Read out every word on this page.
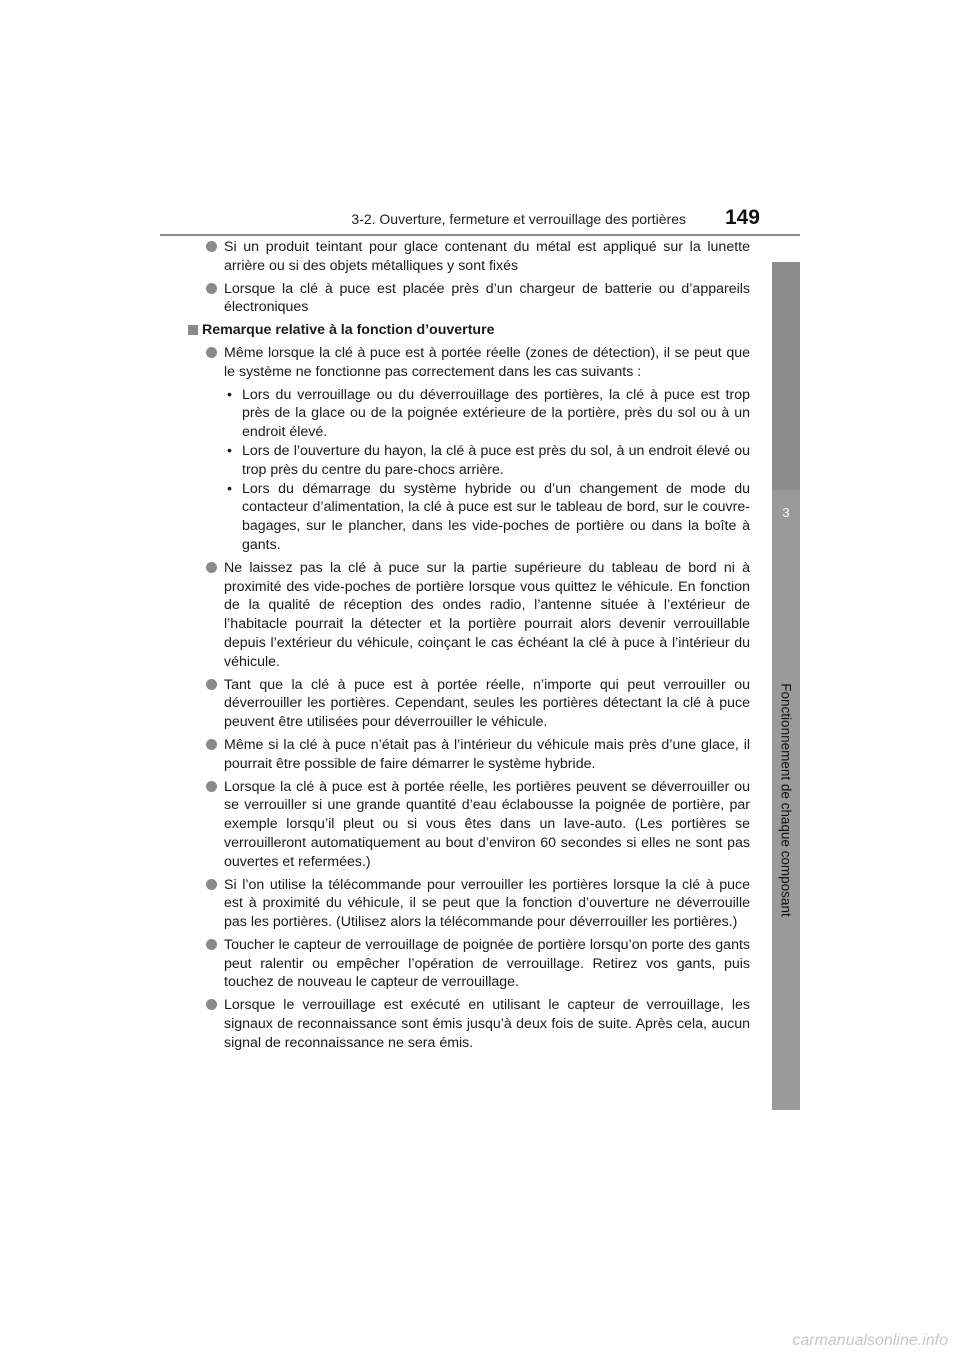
3-2. Ouverture, fermeture et verrouillage des portières 149
Fonctionnement de chaque composant
3
Si un produit teintant pour glace contenant du métal est appliqué sur la lunette arrière ou si des objets métalliques y sont fixés
Lorsque la clé à puce est placée près d’un chargeur de batterie ou d’appareils électroniques
Remarque relative à la fonction d’ouverture
Même lorsque la clé à puce est à portée réelle (zones de détection), il se peut que le système ne fonctionne pas correctement dans les cas suivants :
• Lors du verrouillage ou du déverrouillage des portières, la clé à puce est trop près de la glace ou de la poignée extérieure de la portière, près du sol ou à un endroit élevé.
• Lors de l’ouverture du hayon, la clé à puce est près du sol, à un endroit élevé ou trop près du centre du pare-chocs arrière.
• Lors du démarrage du système hybride ou d’un changement de mode du contacteur d’alimentation, la clé à puce est sur le tableau de bord, sur le couvre-bagages, sur le plancher, dans les vide-poches de portière ou dans la boîte à gants.
Ne laissez pas la clé à puce sur la partie supérieure du tableau de bord ni à proximité des vide-poches de portière lorsque vous quittez le véhicule. En fonction de la qualité de réception des ondes radio, l’antenne située à l’extérieur de l’habitacle pourrait la détecter et la portière pourrait alors devenir verrouillable depuis l’extérieur du véhicule, coinçant le cas échéant la clé à puce à l’intérieur du véhicule.
Tant que la clé à puce est à portée réelle, n’importe qui peut verrouiller ou déverrouiller les portières. Cependant, seules les portières détectant la clé à puce peuvent être utilisées pour déverrouiller le véhicule.
Même si la clé à puce n’était pas à l’intérieur du véhicule mais près d’une glace, il pourrait être possible de faire démarrer le système hybride.
Lorsque la clé à puce est à portée réelle, les portières peuvent se déverrouiller ou se verrouiller si une grande quantité d’eau éclabousse la poignée de portière, par exemple lorsqu’il pleut ou si vous êtes dans un lave-auto. (Les portières se verrouilleront automatiquement au bout d’environ 60 secondes si elles ne sont pas ouvertes et refermées.)
Si l’on utilise la télécommande pour verrouiller les portières lorsque la clé à puce est à proximité du véhicule, il se peut que la fonction d’ouverture ne déverrouille pas les portières. (Utilisez alors la télécommande pour déverrouiller les portières.)
Toucher le capteur de verrouillage de poignée de portière lorsqu’on porte des gants peut ralentir ou empêcher l’opération de verrouillage. Retirez vos gants, puis touchez de nouveau le capteur de verrouillage.
Lorsque le verrouillage est exécuté en utilisant le capteur de verrouillage, les signaux de reconnaissance sont émis jusqu’à deux fois de suite. Après cela, aucun signal de reconnaissance ne sera émis.
carmanualsonline.info
